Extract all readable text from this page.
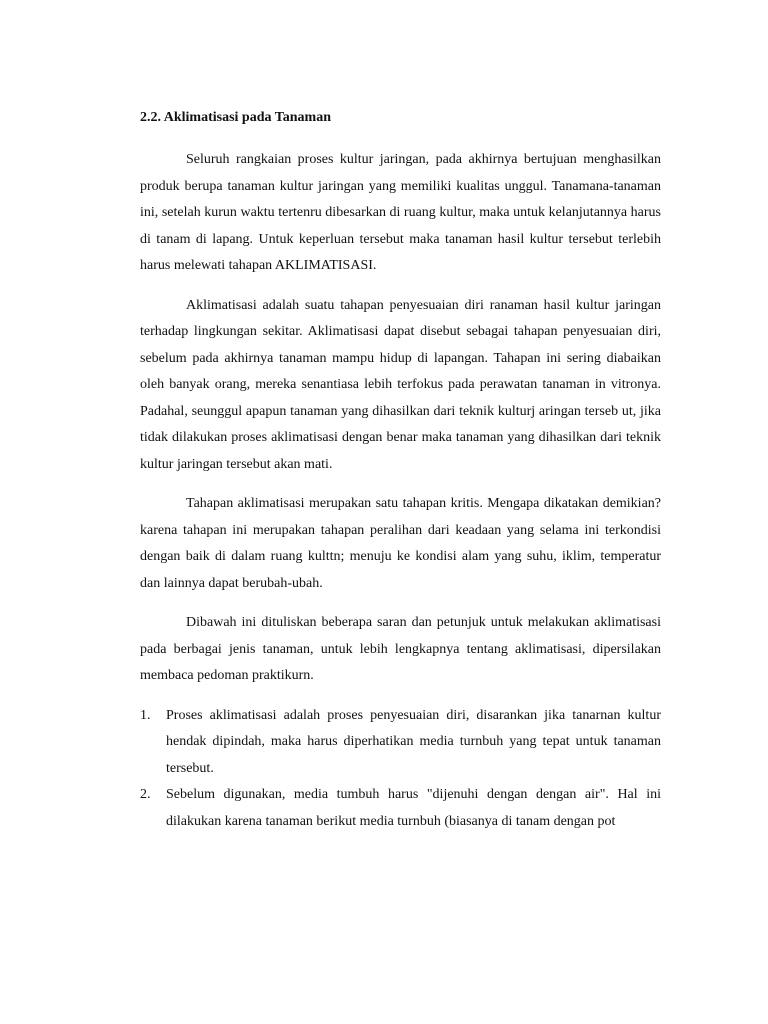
2.2. Aklimatisasi pada Tanaman

Seluruh rangkaian proses kultur jaringan, pada akhirnya bertujuan menghasilkan produk berupa tanaman kultur jaringan yang memiliki kualitas unggul. Tanamana-tanaman ini, setelah kurun waktu tertenru dibesarkan di ruang kultur, maka untuk kelanjutannya harus di tanam di lapang. Untuk keperluan tersebut maka tanaman hasil kultur tersebut terlebih harus melewati tahapan AKLIMATISASI.

Aklimatisasi adalah suatu tahapan penyesuaian diri ranaman hasil kultur jaringan terhadap lingkungan sekitar. Aklimatisasi dapat disebut sebagai tahapan penyesuaian diri, sebelum pada akhirnya tanaman mampu hidup di lapangan. Tahapan ini sering diabaikan oleh banyak orang, mereka senantiasa lebih terfokus pada perawatan tanaman in vitronya. Padahal, seunggul apapun tanaman yang dihasilkan dari teknik kulturj aringan terseb ut, jika tidak dilakukan proses aklimatisasi dengan benar maka tanaman yang dihasilkan dari teknik kultur jaringan tersebut akan mati.

Tahapan aklimatisasi merupakan satu tahapan kritis. Mengapa dikatakan demikian? karena tahapan ini merupakan tahapan peralihan dari keadaan yang selama ini terkondisi dengan baik di dalam ruang kulttn; menuju ke kondisi alam yang suhu, iklim, temperatur dan lainnya dapat berubah-ubah.

Dibawah ini dituliskan beberapa saran dan petunjuk untuk melakukan aklimatisasi pada berbagai jenis tanaman, untuk lebih lengkapnya tentang aklimatisasi, dipersilakan membaca pedoman praktikurn.

1. Proses aklimatisasi adalah proses penyesuaian diri, disarankan jika tanarnan kultur hendak dipindah, maka harus diperhatikan media turnbuh yang tepat untuk tanaman tersebut.
2. Sebelum digunakan, media tumbuh harus "dijenuhi dengan dengan air". Hal ini dilakukan karena tanaman berikut media turnbuh (biasanya di tanam dengan pot
